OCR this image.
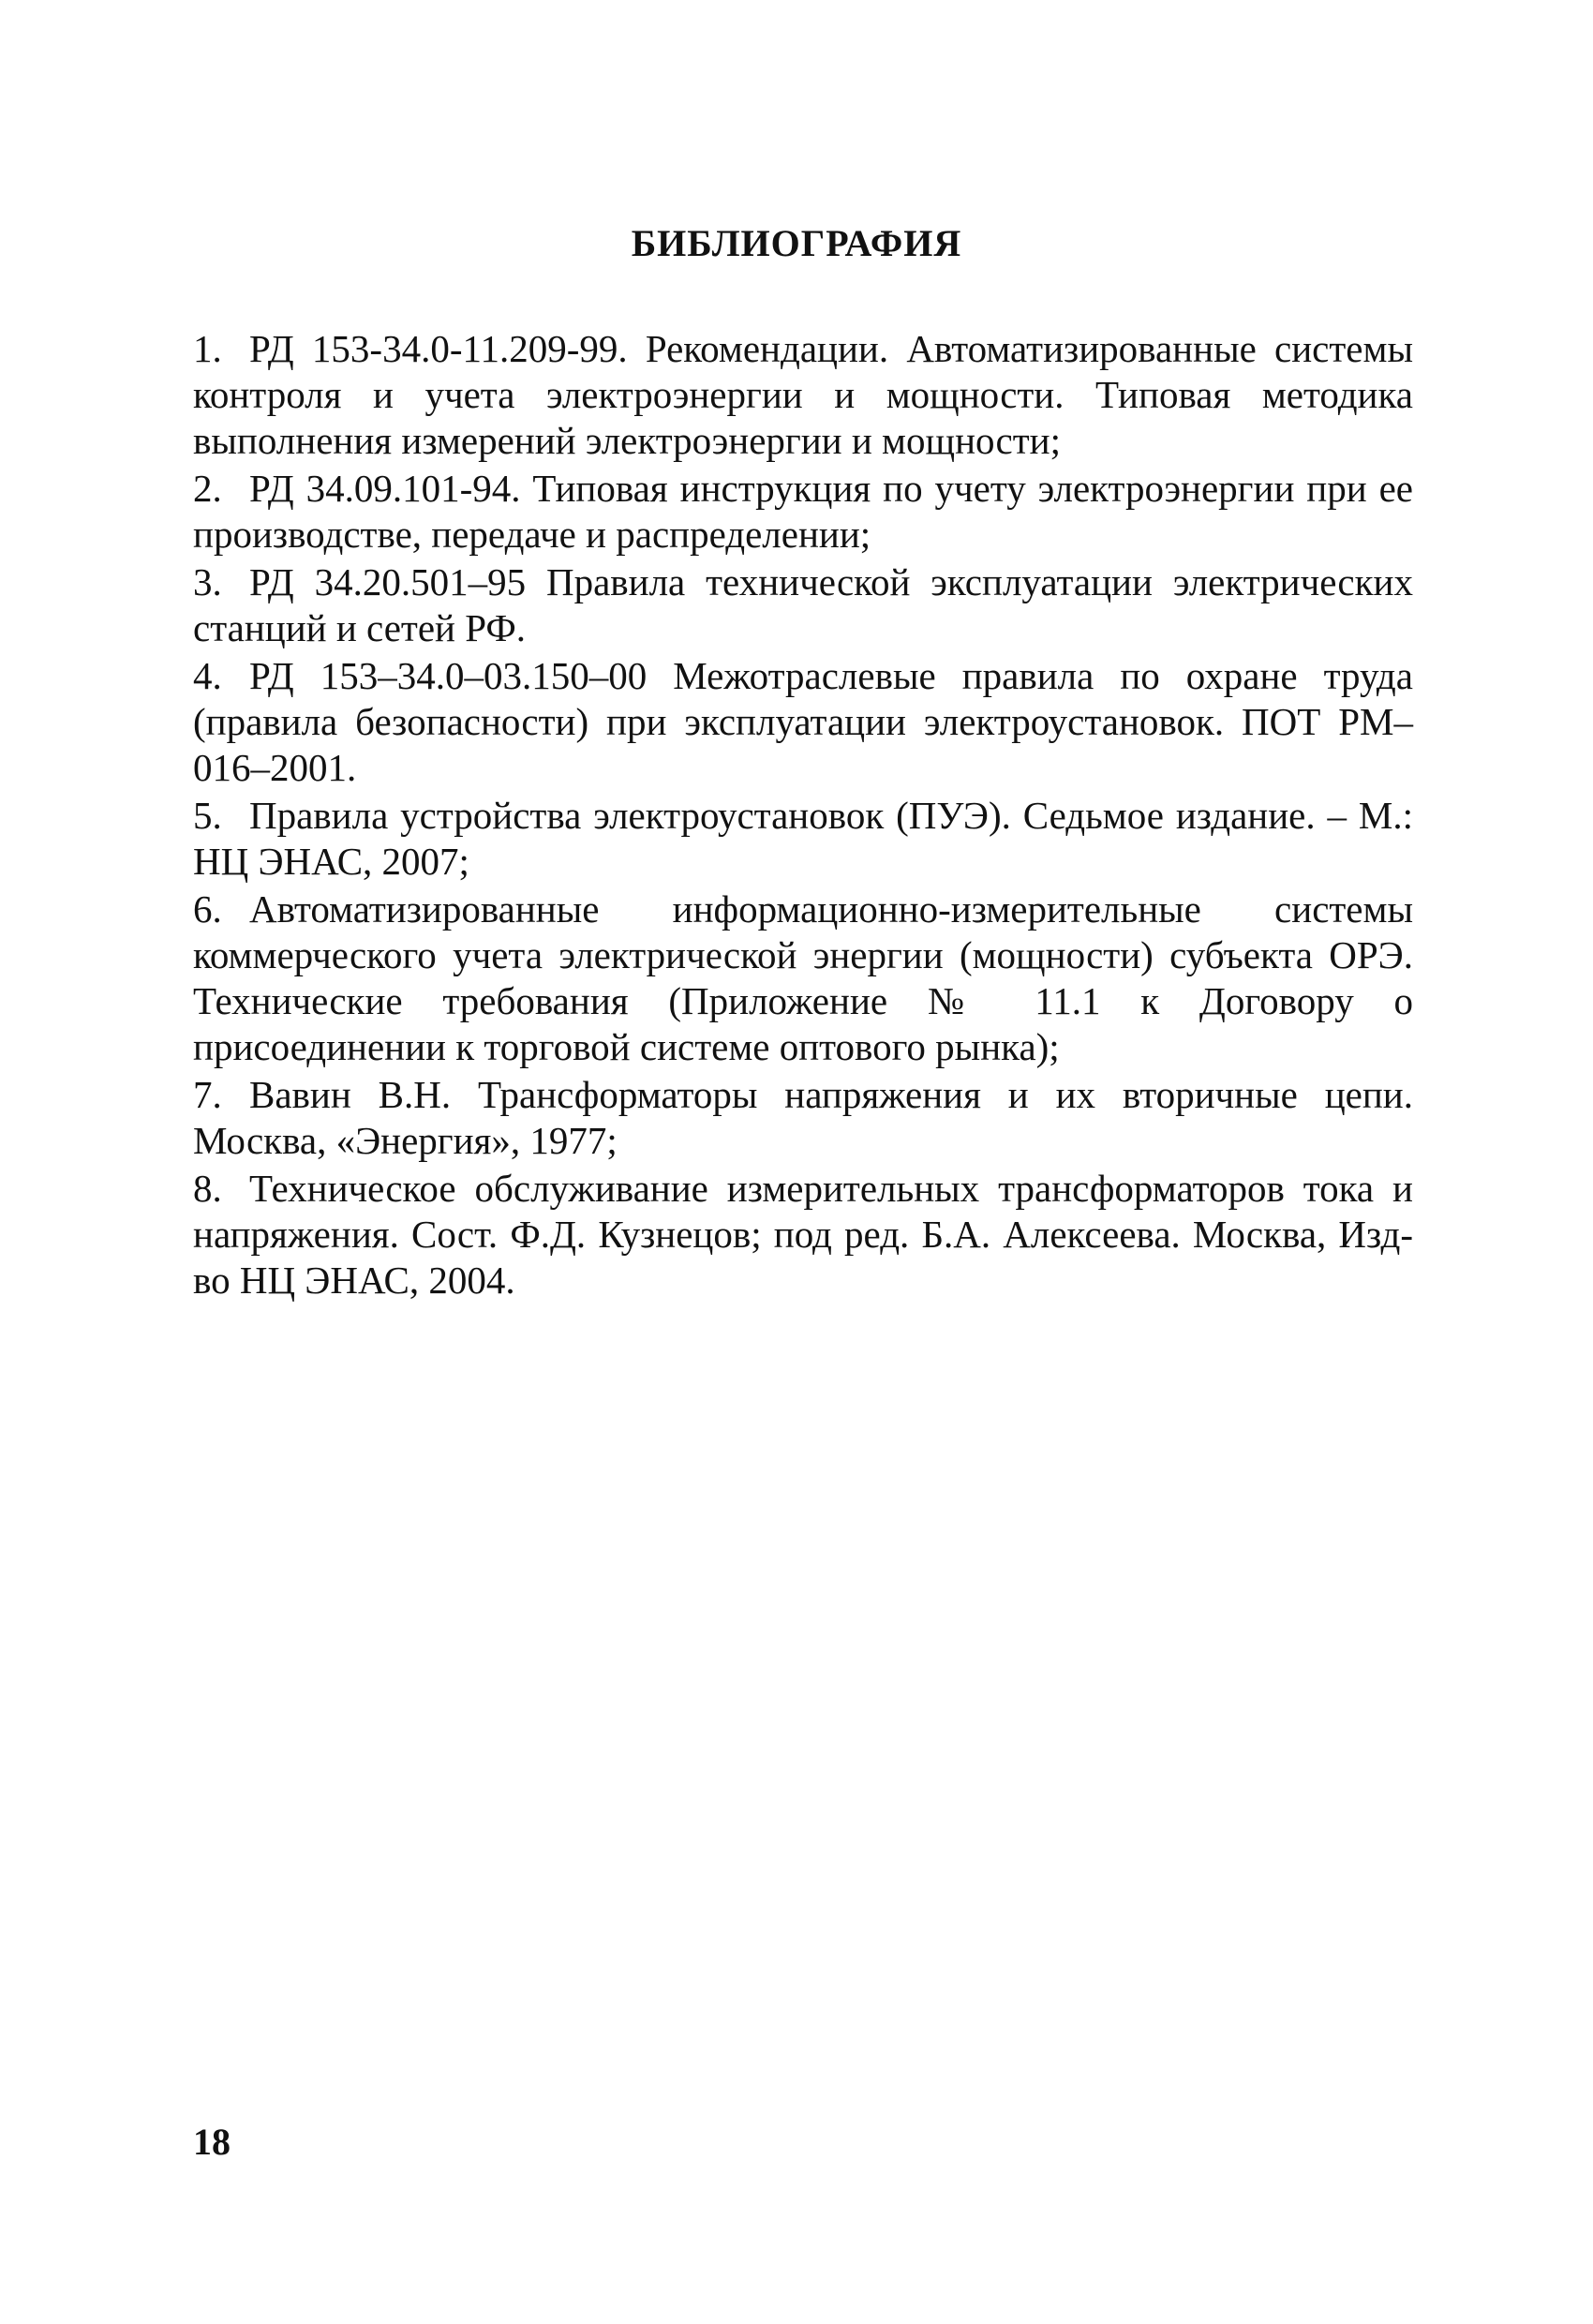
БИБЛИОГРАФИЯ
1. РД 153-34.0-11.209-99. Рекомендации. Автоматизированные системы контроля и учета электроэнергии и мощности. Типовая методика выполнения измерений электроэнергии и мощности;
2. РД 34.09.101-94. Типовая инструкция по учету электроэнергии при ее производстве, передаче и распределении;
3. РД 34.20.501–95 Правила технической эксплуатации электрических станций и сетей РФ.
4. РД 153–34.0–03.150–00 Межотраслевые правила по охране труда (правила безопасности) при эксплуатации электроустановок. ПОТ РМ–016–2001.
5. Правила устройства электроустановок (ПУЭ). Седьмое издание. – М.: НЦ ЭНАС, 2007;
6. Автоматизированные информационно-измерительные системы коммерческого учета электрической энергии (мощности) субъекта ОРЭ. Технические требования (Приложение № 11.1 к Договору о присоединении к торговой системе оптового рынка);
7. Вавин В.Н. Трансформаторы напряжения и их вторичные цепи. Москва, «Энергия», 1977;
8. Техническое обслуживание измерительных трансформаторов тока и напряжения. Сост. Ф.Д. Кузнецов; под ред. Б.А. Алексеева. Москва, Изд-во НЦ ЭНАС, 2004.

18
